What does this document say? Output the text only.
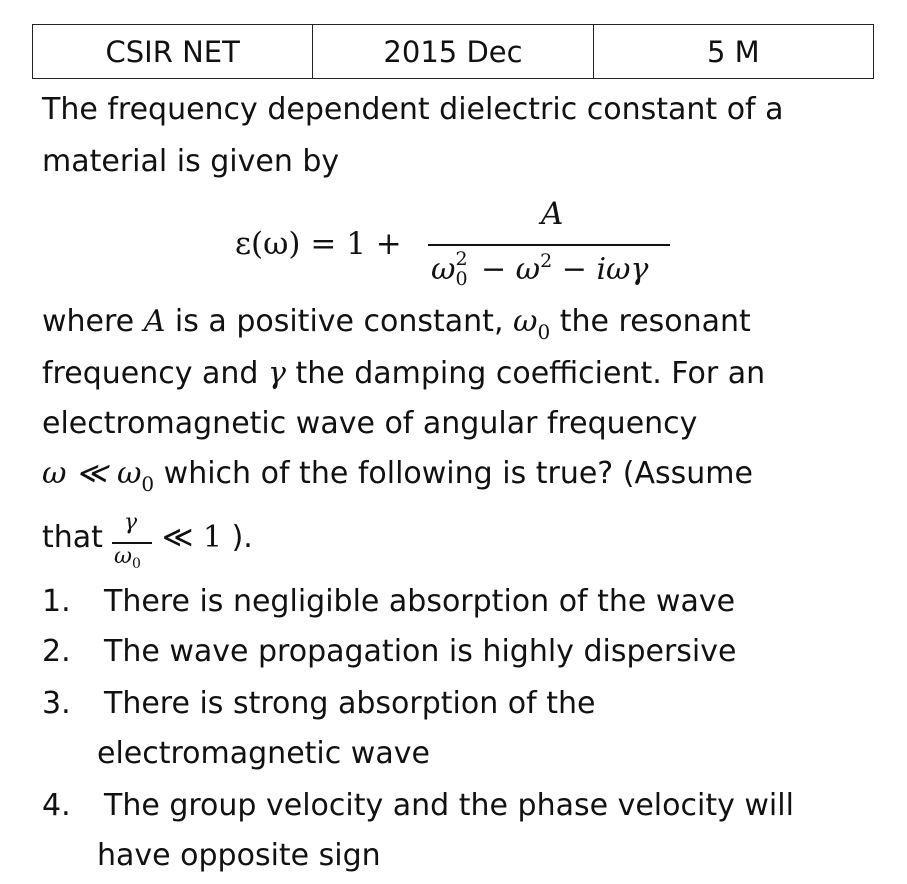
CSIR NET	2015 Dec	5 M
The frequency dependent dielectric constant of a
material is given by
ε(ω) = 1 +
A
ω 2
$0 - \omega^2 - i\omega\gamma$
where A is a positive constant, $\omega_0$ the resonant
frequency and γ the damping coefficient. For an
electromagnetic wave of angular frequency
ω ≪ $\omega_0$ which of the following is true? (Assume
that γ
$\omega_0$
≪ 1 ).
1. There is negligible absorption of the wave
2. The wave propagation is highly dispersive
3. There is strong absorption of the
electromagnetic wave
4. The group velocity and the phase velocity will
have opposite sign
